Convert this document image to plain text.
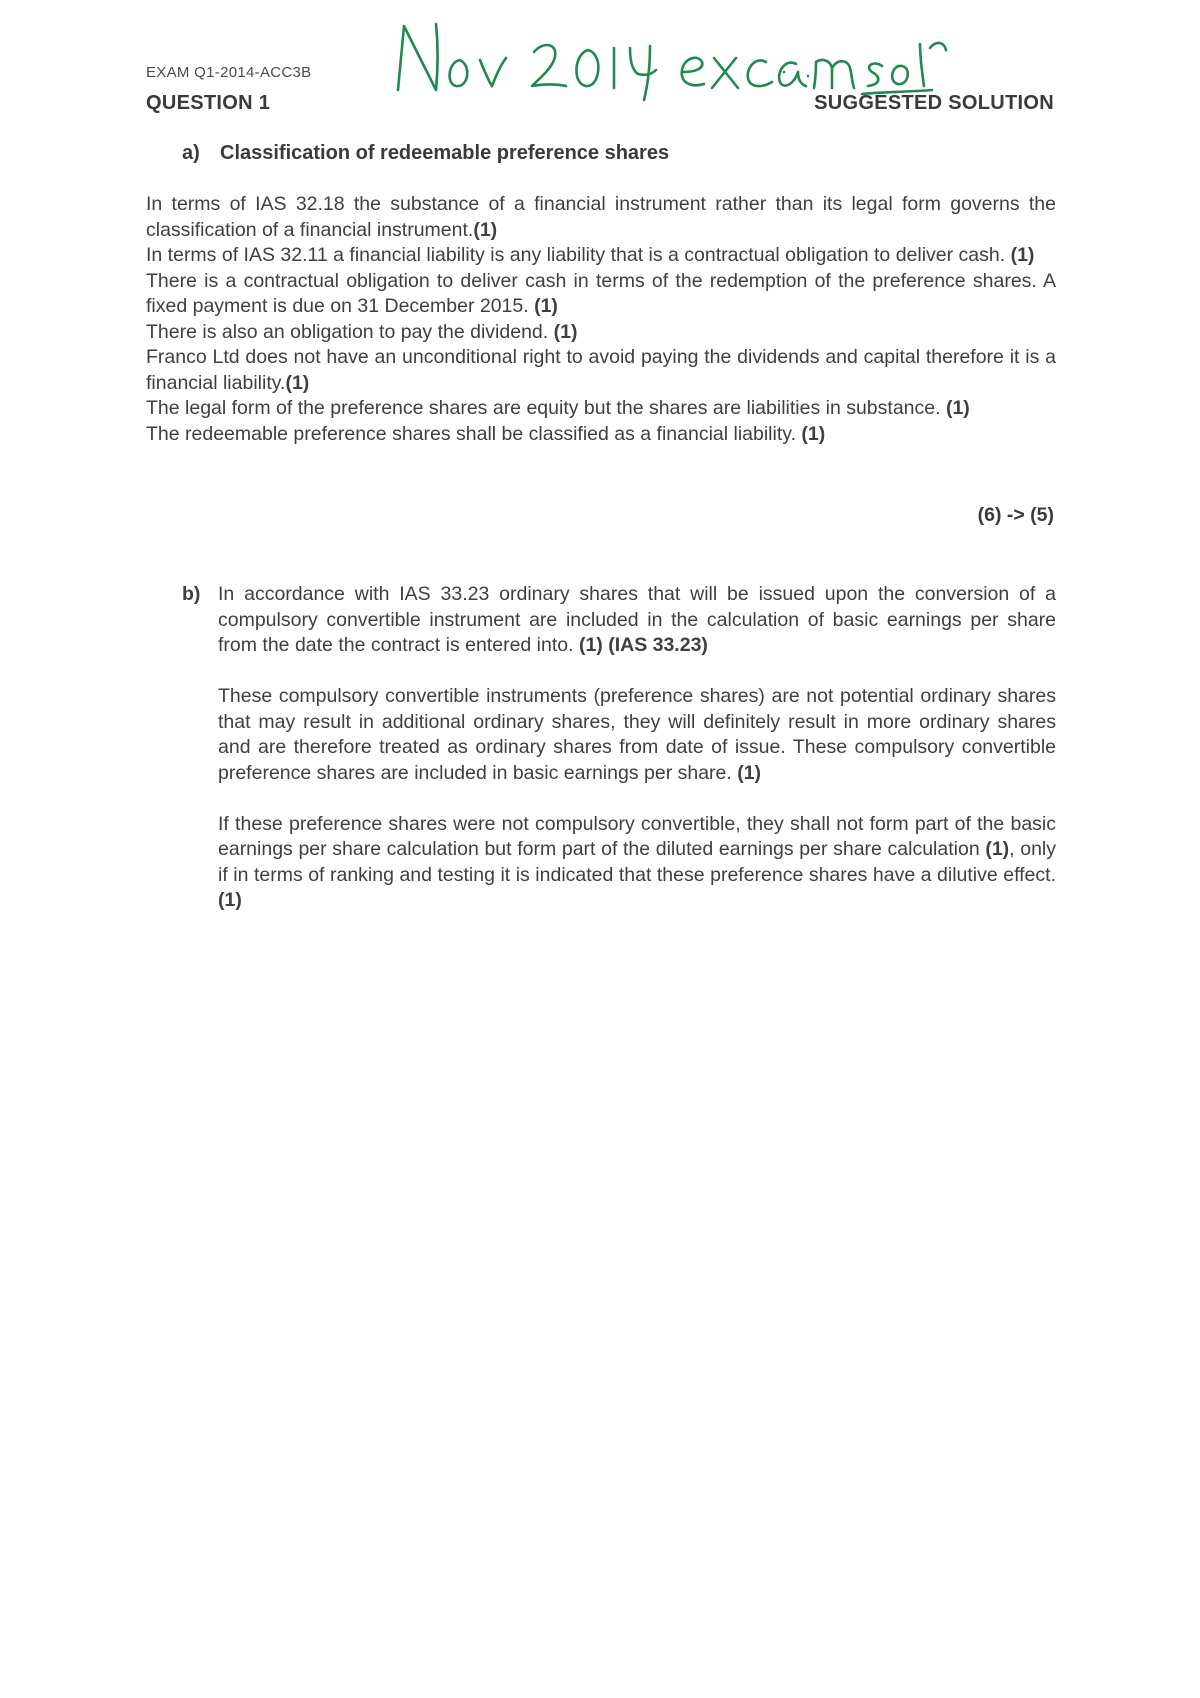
EXAM Q1-2014-ACC3B
QUESTION 1	SUGGESTED SOLUTION
a) Classification of redeemable preference shares

In terms of IAS 32.18 the substance of a financial instrument rather than its legal form governs the classification of a financial instrument.(1)

In terms of IAS 32.11 a financial liability is any liability that is a contractual obligation to deliver cash. (1)

There is a contractual obligation to deliver cash in terms of the redemption of the preference shares. A fixed payment is due on 31 December 2015. (1)

There is also an obligation to pay the dividend. (1)

Franco Ltd does not have an unconditional right to avoid paying the dividends and capital therefore it is a financial liability.(1)

The legal form of the preference shares are equity but the shares are liabilities in substance. (1)

The redeemable preference shares shall be classified as a financial liability. (1)

(6) -> (5)
b) In accordance with IAS 33.23 ordinary shares that will be issued upon the conversion of a compulsory convertible instrument are included in the calculation of basic earnings per share from the date the contract is entered into. (1) (IAS 33.23)

These compulsory convertible instruments (preference shares) are not potential ordinary shares that may result in additional ordinary shares, they will definitely result in more ordinary shares and are therefore treated as ordinary shares from date of issue. These compulsory convertible preference shares are included in basic earnings per share. (1)

If these preference shares were not compulsory convertible, they shall not form part of the basic earnings per share calculation but form part of the diluted earnings per share calculation (1), only if in terms of ranking and testing it is indicated that these preference shares have a dilutive effect. (1)
